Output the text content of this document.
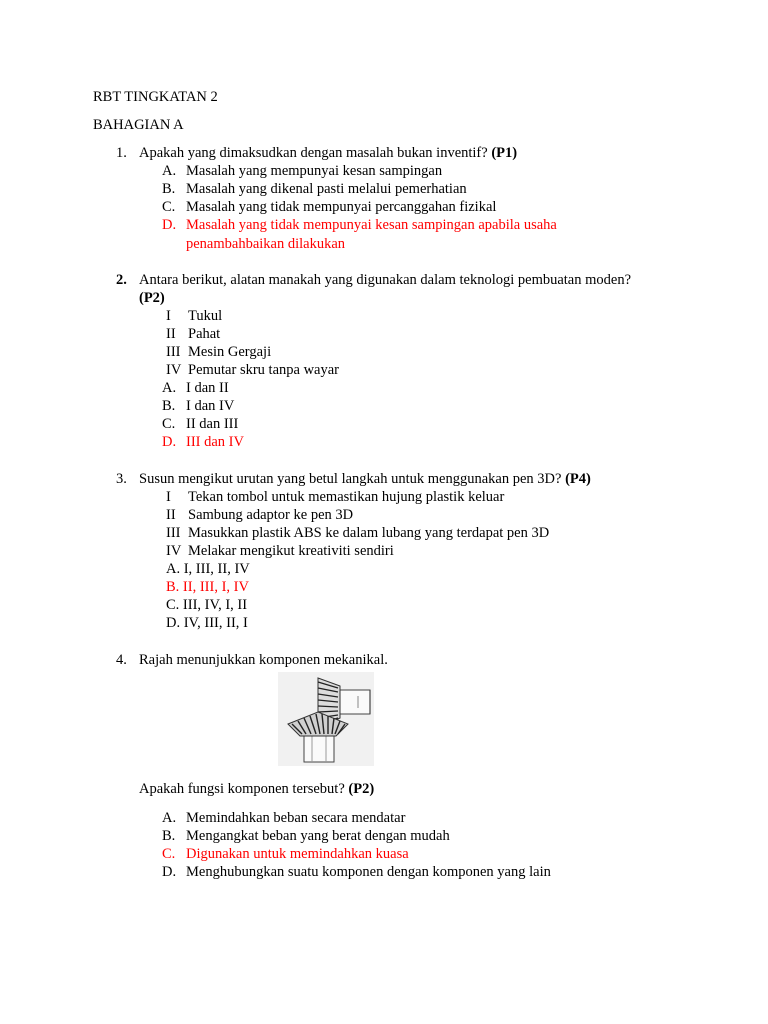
RBT TINGKATAN 2
BAHAGIAN A
1. Apakah yang dimaksudkan dengan masalah bukan inventif? (P1)
A. Masalah yang mempunyai kesan sampingan
B. Masalah yang dikenal pasti melalui pemerhatian
C. Masalah yang tidak mempunyai percanggahan fizikal
D. Masalah yang tidak mempunyai kesan sampingan apabila usaha
penambahbaikan dilakukan
2. Antara berikut, alatan manakah yang digunakan dalam teknologi pembuatan moden?
(P2)
I	Tukul
II Pahat
III Mesin Gergaji
IV Pemutar skru tanpa wayar
A. I dan II
B. I dan IV
C. II dan III
D. III dan IV
3. Susun mengikut urutan yang betul langkah untuk menggunakan pen 3D? (P4)
I	Tekan tombol untuk memastikan hujung plastik keluar
II Sambung adaptor ke pen 3D
III Masukkan plastik ABS ke dalam lubang yang terdapat pen 3D
IV Melakar mengikut kreativiti sendiri
A. I, III, II, IV
B. II, III, I, IV
C. III, IV, I, II
D. IV, III, II, I
4. Rajah menunjukkan komponen mekanikal.
Apakah fungsi komponen tersebut? (P2)
A. Memindahkan beban secara mendatar
B. Mengangkat beban yang berat dengan mudah
C. Digunakan untuk memindahkan kuasa
D. Menghubungkan suatu komponen dengan komponen yang lain
